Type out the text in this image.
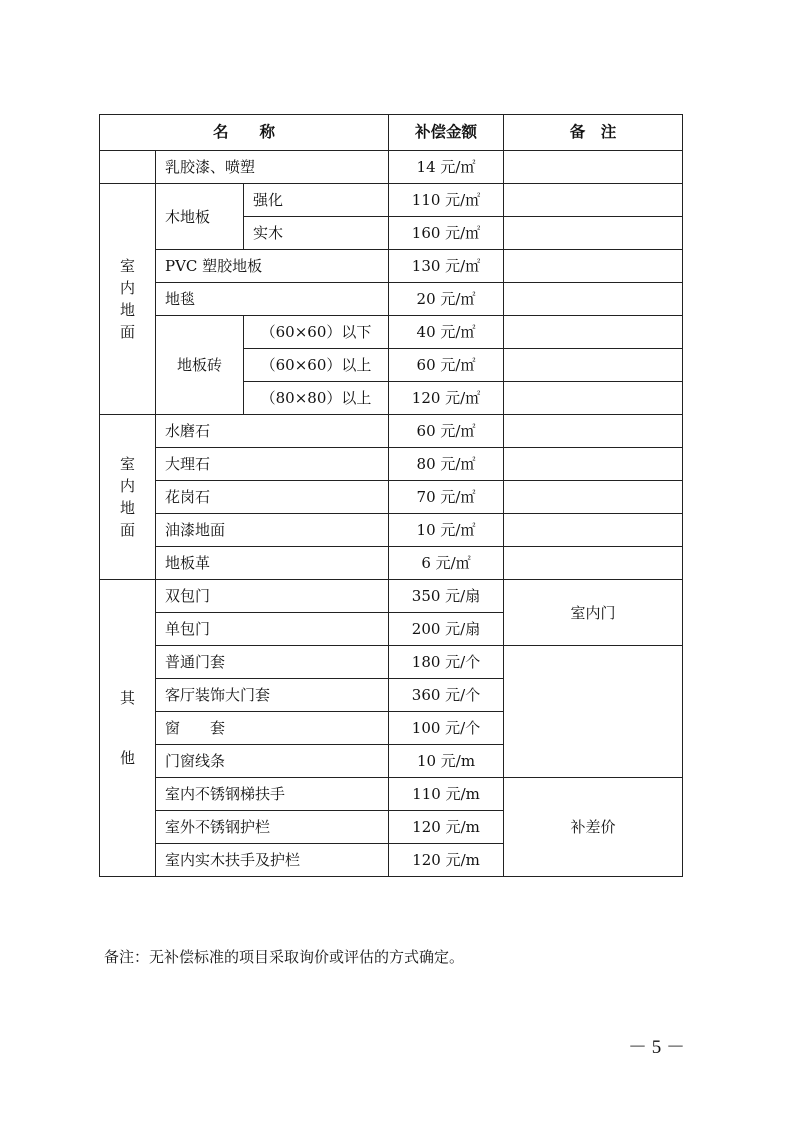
名　　称			补偿金额	备　注
	乳胶漆、喷塑		14 元/㎡	
室内地面	木地板	强化	110 元/㎡	
		实木	160 元/㎡	
	PVC 塑胶地板		130 元/㎡	
	地毯		20 元/㎡	
	地板砖	（60×60）以下	40 元/㎡	
		（60×60）以上	60 元/㎡	
		（80×80）以上	120 元/㎡	
室内地面	水磨石		60 元/㎡	
	大理石		80 元/㎡	
	花岗石		70 元/㎡	
	油漆地面		10 元/㎡	
	地板革		6 元/㎡	
其他	双包门		350 元/扇	室内门
	单包门		200 元/扇	
	普通门套		180 元/个	
	客厅装饰大门套		360 元/个	
	窗　　套		100 元/个	
	门窗线条		10 元/m	
	室内不锈钢梯扶手		110 元/m	补差价
	室外不锈钢护栏		120 元/m	
	室内实木扶手及护栏		120 元/m	
备注：无补偿标准的项目采取询价或评估的方式确定。
－ 5 －
